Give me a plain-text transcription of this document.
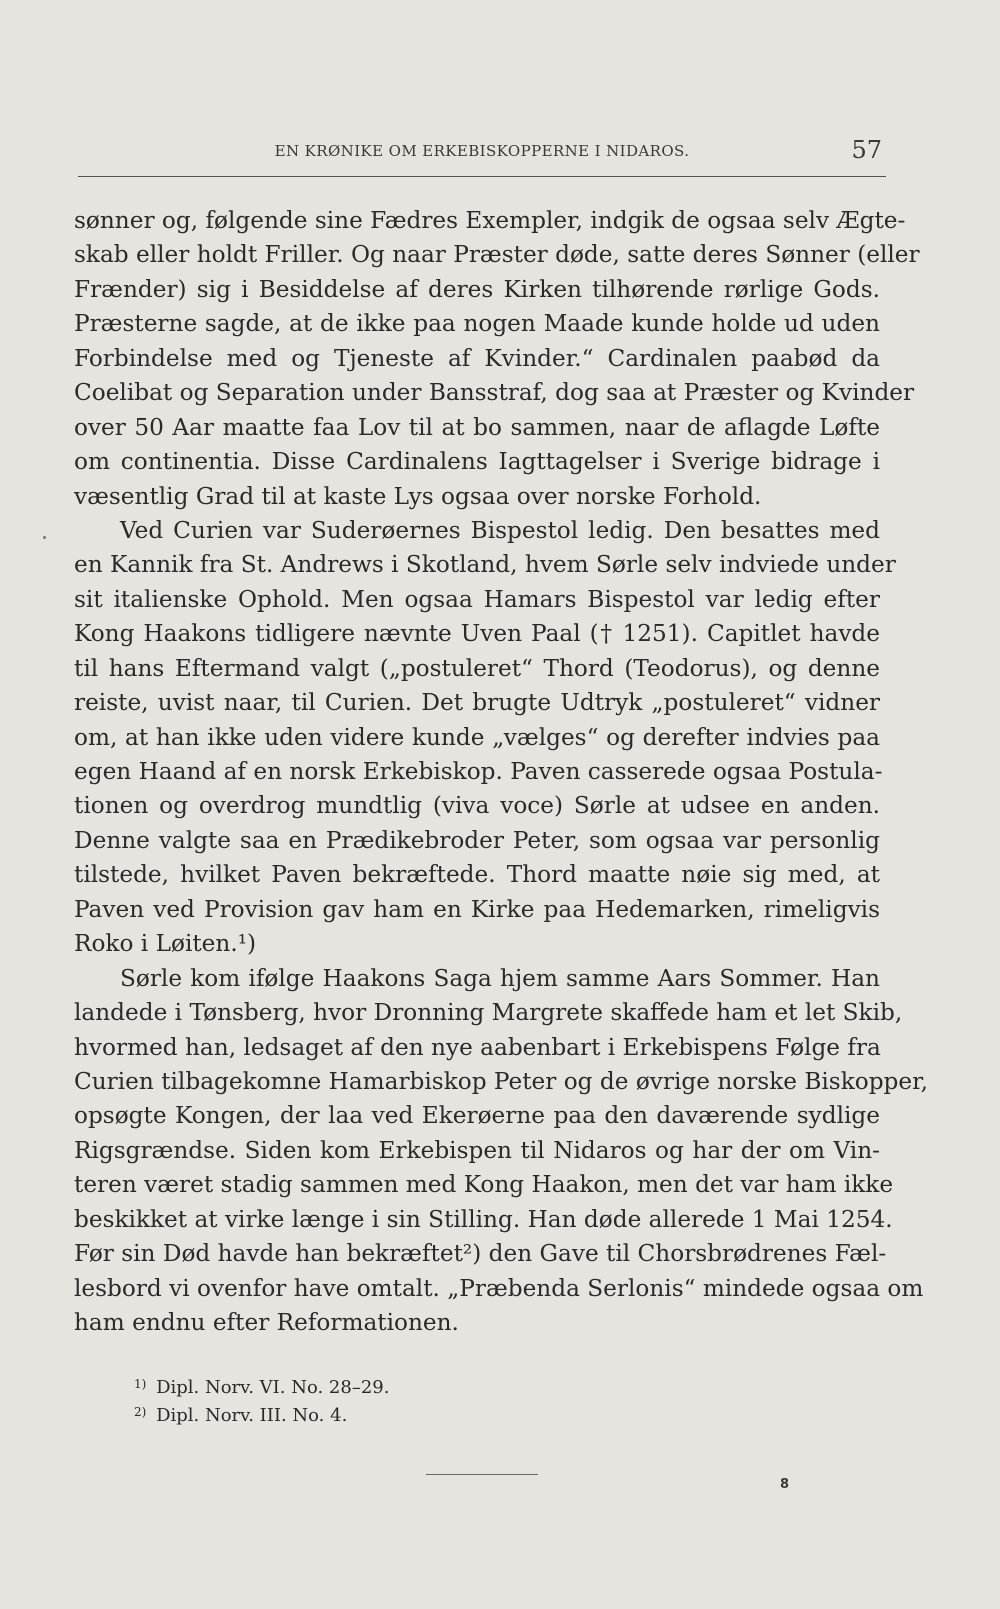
EN KRØNIKE OM ERKEBISKOPPERNE I NIDAROS.	57
sønner og, følgende sine Fædres Exempler, indgik de ogsaa selv Ægte-
skab eller holdt Friller. Og naar Præster døde, satte deres Sønner (eller
Frænder) sig i Besiddelse af deres Kirken tilhørende rørlige Gods.
Præsterne sagde, at de ikke paa nogen Maade kunde holde ud uden
Forbindelse med og Tjeneste af Kvinder.“ Cardinalen paabød da
Coelibat og Separation under Bansstraf, dog saa at Præster og Kvinder
over 50 Aar maatte faa Lov til at bo sammen, naar de aflagde Løfte
om continentia. Disse Cardinalens Iagttagelser i Sverige bidrage i
væsentlig Grad til at kaste Lys ogsaa over norske Forhold.
Ved Curien var Suderøernes Bispestol ledig. Den besattes med
en Kannik fra St. Andrews i Skotland, hvem Sørle selv indviede under
sit italienske Ophold. Men ogsaa Hamars Bispestol var ledig efter
Kong Haakons tidligere nævnte Uven Paal († 1251). Capitlet havde
til hans Eftermand valgt („postuleret“ Thord (Teodorus), og denne
reiste, uvist naar, til Curien. Det brugte Udtryk „postuleret“ vidner
om, at han ikke uden videre kunde „vælges“ og derefter indvies paa
egen Haand af en norsk Erkebiskop. Paven casserede ogsaa Postula-
tionen og overdrog mundtlig (viva voce) Sørle at udsee en anden.
Denne valgte saa en Prædikebroder Peter, som ogsaa var personlig
tilstede, hvilket Paven bekræftede. Thord maatte nøie sig med, at
Paven ved Provision gav ham en Kirke paa Hedemarken, rimeligvis
Roko i Løiten.¹)
Sørle kom ifølge Haakons Saga hjem samme Aars Sommer. Han
landede i Tønsberg, hvor Dronning Margrete skaffede ham et let Skib,
hvormed han, ledsaget af den nye aabenbart i Erkebispens Følge fra
Curien tilbagekomne Hamarbiskop Peter og de øvrige norske Biskopper,
opsøgte Kongen, der laa ved Ekerøerne paa den daværende sydlige
Rigsgrændse. Siden kom Erkebispen til Nidaros og har der om Vin-
teren været stadig sammen med Kong Haakon, men det var ham ikke
beskikket at virke længe i sin Stilling. Han døde allerede 1 Mai 1254.
Før sin Død havde han bekræftet²) den Gave til Chorsbrødrenes Fæl-
lesbord vi ovenfor have omtalt. „Præbenda Serlonis“ mindede ogsaa om
ham endnu efter Reformationen.
$^{1)}$ Dipl. Norv. VI. No. 28–29.
$^{2)}$ Dipl. Norv. III. No. 4.
8
